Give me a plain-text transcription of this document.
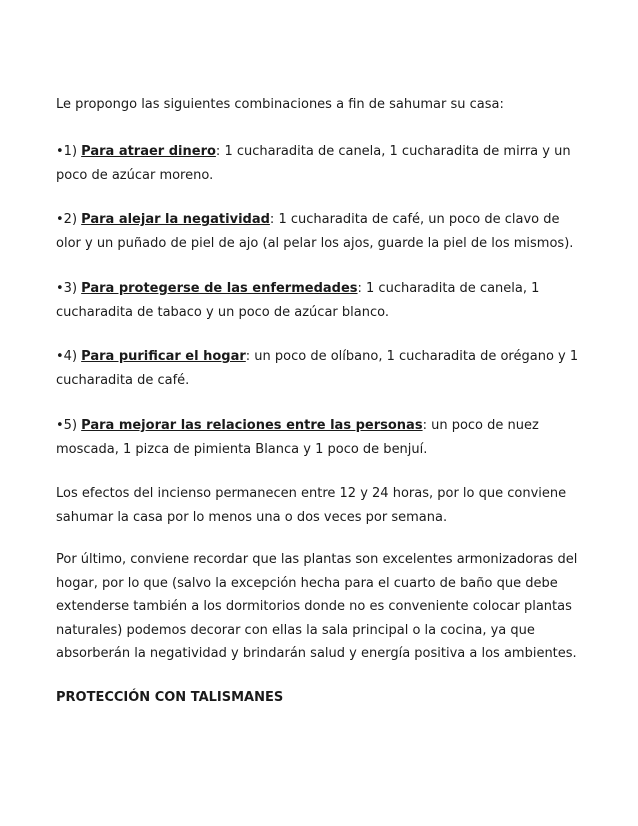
Le propongo las siguientes combinaciones a fin de sahumar su casa:

•1) Para atraer dinero: 1 cucharadita de canela, 1 cucharadita de mirra y un poco de azúcar moreno.

•2) Para alejar la negatividad: 1 cucharadita de café, un poco de clavo de olor y un puñado de piel de ajo (al pelar los ajos, guarde la piel de los mismos).

•3) Para protegerse de las enfermedades: 1 cucharadita de canela, 1 cucharadita de tabaco y un poco de azúcar blanco.

•4) Para purificar el hogar: un poco de olíbano, 1 cucharadita de orégano y 1 cucharadita de café.

•5) Para mejorar las relaciones entre las personas: un poco de nuez moscada, 1 pizca de pimienta Blanca y 1 poco de benjuí.

Los efectos del incienso permanecen entre 12 y 24 horas, por lo que conviene sahumar la casa por lo menos una o dos veces por semana.

Por último, conviene recordar que las plantas son excelentes armonizadoras del hogar, por lo que (salvo la excepción hecha para el cuarto de baño que debe extenderse también a los dormitorios donde no es conveniente colocar plantas naturales) podemos decorar con ellas la sala principal o la cocina, ya que absorberán la negatividad y brindarán salud y energía positiva a los ambientes.

PROTECCIÓN CON TALISMANES
